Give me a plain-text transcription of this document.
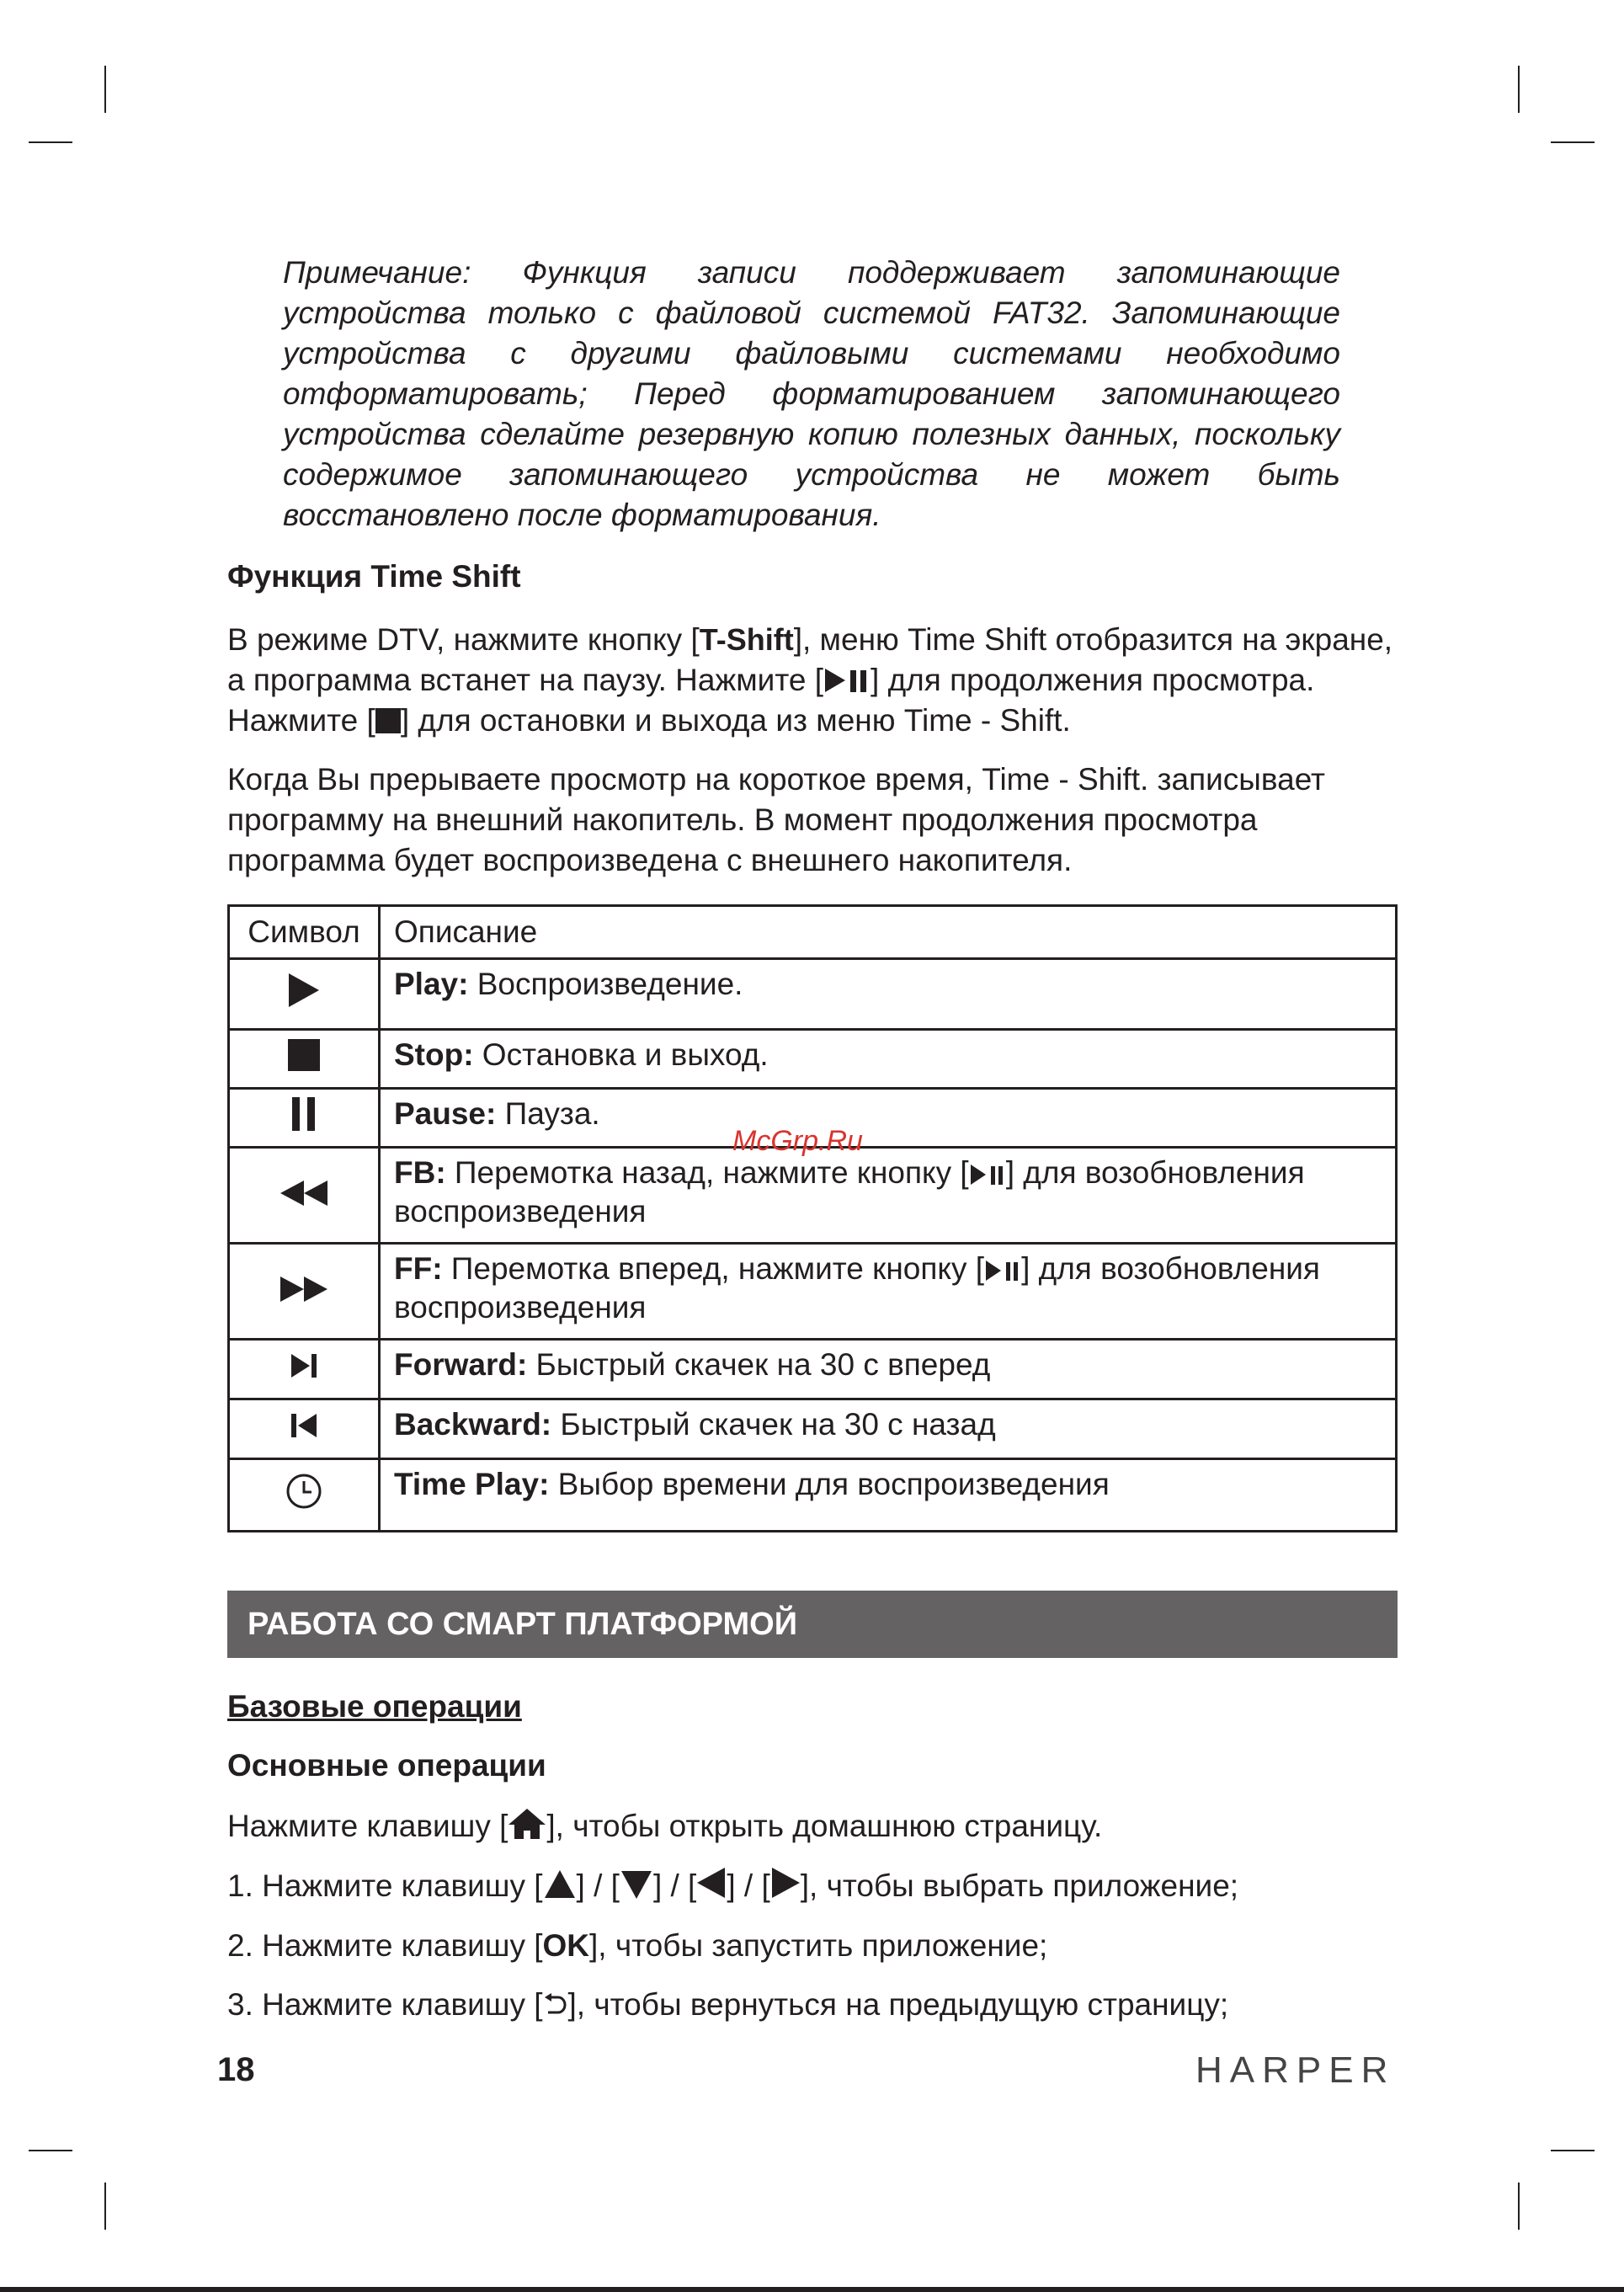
Примечание: Функция записи поддерживает запоминающие устройства только с файловой системой FAT32. Запоминающие устройства с другими файловыми системами необходимо отформатировать; Перед форматированием запоминающего устройства сделайте резервную копию полезных данных, поскольку содержимое запоминающего устройства не может быть восстановлено после форматирования.

Функция Time Shift

В режиме DTV, нажмите кнопку [T-Shift], меню Time Shift отобразится на экране, а программа встанет на паузу. Нажмите [ ] для продолжения просмотра. Нажмите [ ] для остановки и выхода из меню Time - Shift.

Когда Вы прерываете просмотр на короткое время, Time - Shift. записывает программу на внешний накопитель. В момент продолжения просмотра программа будет воспроизведена с внешнего накопителя.

Символ	Описание
	Play: Воспроизведение.
	Stop: Остановка и выход.
	Pause: Пауза.
	FB: Перемотка назад, нажмите кнопку [ ] для возобновления воспроизведения
	FF: Перемотка вперед, нажмите кнопку [ ] для возобновления воспроизведения
	Forward: Быстрый скачек на 30 с вперед
	Backward: Быстрый скачек на 30 с назад
	Time Play: Выбор времени для воспроизведения
McGrp.Ru
РАБОТА СО СМАРТ ПЛАТФОРМОЙ

Базовые операции

Основные операции

Нажмите клавишу [ ], чтобы открыть домашнюю страницу.

1. Нажмите клавишу [ ] / [ ] / [ ] / [ ], чтобы выбрать приложение;

2. Нажмите клавишу [OK], чтобы запустить приложение;

3. Нажмите клавишу [ ], чтобы вернуться на предыдущую страницу;

18	HARPER
